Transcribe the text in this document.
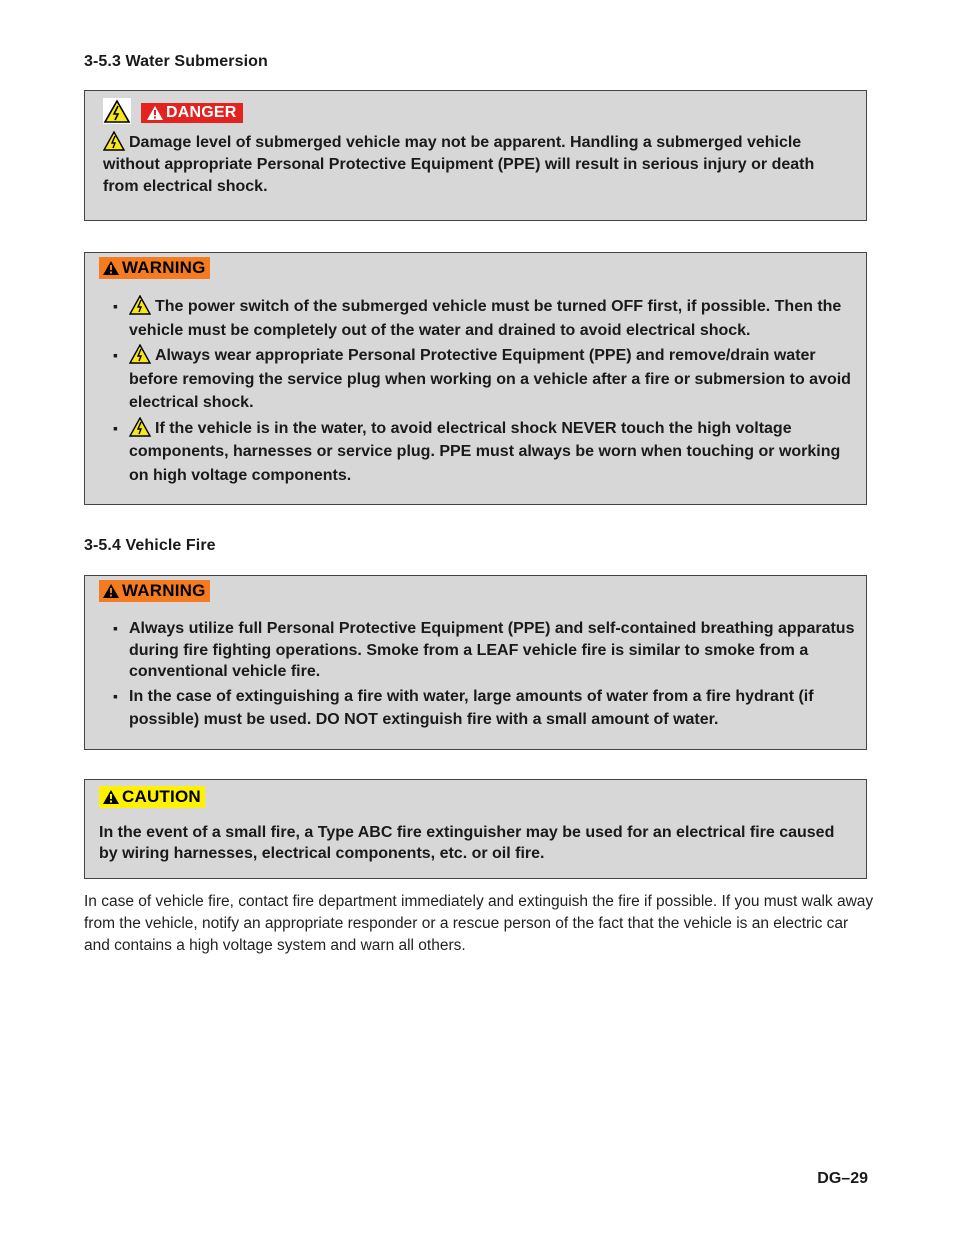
3-5.3 Water Submersion
DANGER

Damage level of submerged vehicle may not be apparent. Handling a submerged vehicle without appropriate Personal Protective Equipment (PPE) will result in serious injury or death from electrical shock.

WARNING
▪ The power switch of the submerged vehicle must be turned OFF first, if possible. Then the vehicle must be completely out of the water and drained to avoid electrical shock.
▪ Always wear appropriate Personal Protective Equipment (PPE) and remove/drain water before removing the service plug when working on a vehicle after a fire or submersion to avoid electrical shock.
▪ If the vehicle is in the water, to avoid electrical shock NEVER touch the high voltage components, harnesses or service plug. PPE must always be worn when touching or working on high voltage components.
3-5.4 Vehicle Fire
WARNING
▪ Always utilize full Personal Protective Equipment (PPE) and self-contained breathing apparatus during fire fighting operations. Smoke from a LEAF vehicle fire is similar to smoke from a conventional vehicle fire.
▪ In the case of extinguishing a fire with water, large amounts of water from a fire hydrant (if possible) must be used. DO NOT extinguish fire with a small amount of water.
CAUTION

In the event of a small fire, a Type ABC fire extinguisher may be used for an electrical fire caused by wiring harnesses, electrical components, etc. or oil fire.

In case of vehicle fire, contact fire department immediately and extinguish the fire if possible. If you must walk away from the vehicle, notify an appropriate responder or a rescue person of the fact that the vehicle is an electric car and contains a high voltage system and warn all others.

DG–29
